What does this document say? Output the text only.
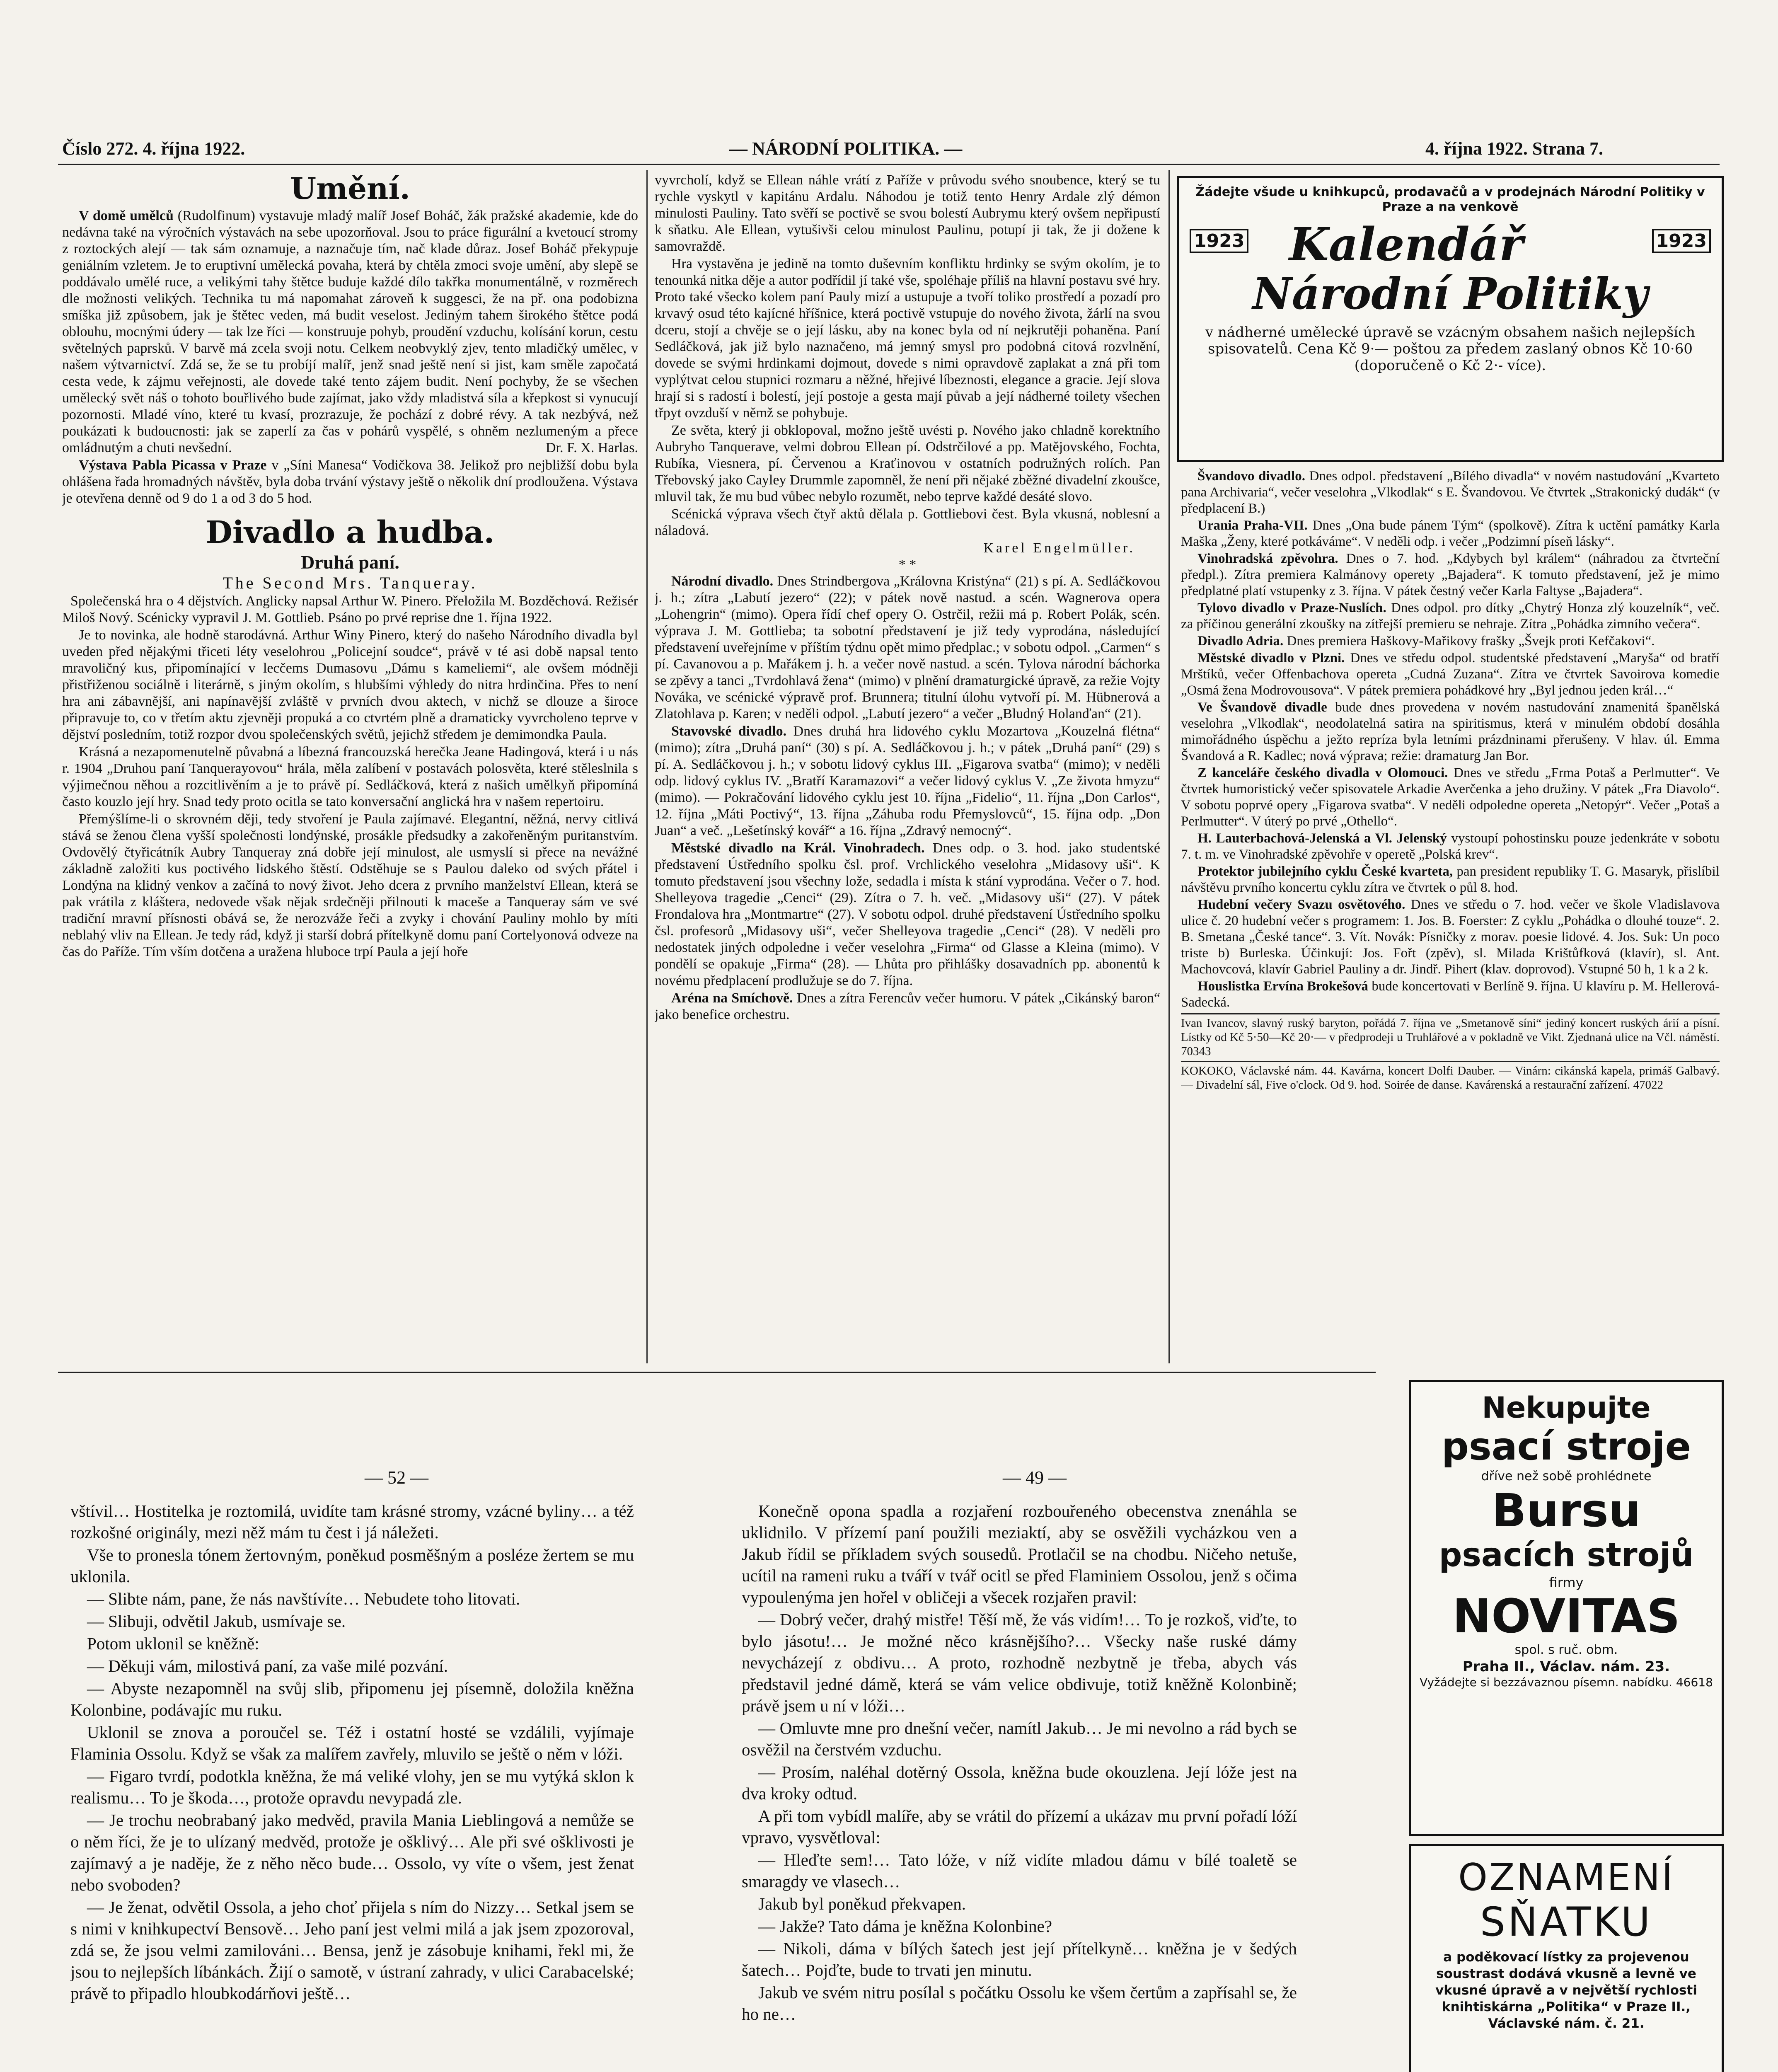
Číslo 272. 4. října 1922.	— NÁRODNÍ POLITIKA. —	4. října 1922. Strana 7.
Umění.

V domě umělců (Rudolfinum) vystavuje mladý malíř Josef Boháč, žák pražské akademie, kde do nedávna také na výročních výstavách na sebe upozorňoval. Jsou to práce figurální a kvetoucí stromy z roztockých alejí — tak sám oznamuje, a naznačuje tím, nač klade důraz. Josef Boháč překypuje geniálním vzletem. Je to eruptivní umělecká povaha, která by chtěla zmoci svoje umění, aby slepě se poddávalo umělé ruce, a velikými tahy štětce buduje každé dílo takřka monumentálně, v rozměrech dle možnosti velikých. Technika tu má napomahat zároveň k suggesci, že na př. ona podobizna smíška již způsobem, jak je štětec veden, má budit veselost. Jediným tahem širokého štětce podá oblouhu, mocnými údery — tak lze říci — konstruuje pohyb, proudění vzduchu, kolísání korun, cestu světelných paprsků. V barvě má zcela svoji notu. Celkem neobvyklý zjev, tento mladičký umělec, v našem výtvarnictví. Zdá se, že se tu probíjí malíř, jenž snad ještě není si jist, kam směle započatá cesta vede, k zájmu veřejnosti, ale dovede také tento zájem budit. Není pochyby, že se všechen umělecký svět náš o tohoto bouřlivého bude zajímat, jako vždy mladistvá síla a křepkost si vynucují pozornosti. Mladé víno, které tu kvasí, prozrazuje, že pochází z dobré révy. A tak nezbývá, než poukázati k budoucnosti: jak se zaperlí za čas v pohárů vyspělé, s ohněm nezlumeným a přece omládnutým a chuti nevšední.	Dr. F. X. Harlas.

Výstava Pabla Picassa v Praze v „Síni Manesa“ Vodičkova 38. Jelikož pro nejbližší dobu byla ohlášena řada hromadných návštěv, byla doba trvání výstavy ještě o několik dní prodloužena. Výstava je otevřena denně od 9 do 1 a od 3 do 5 hod.

Divadlo a hudba.
Druhá paní.
The Second Mrs. Tanqueray.

Společenská hra o 4 dějstvích. Anglicky napsal Arthur W. Pinero. Přeložila M. Bozděchová. Režisér Miloš Nový. Scénicky vypravil J. M. Gottlieb. Psáno po prvé reprise dne 1. října 1922.

Je to novinka, ale hodně starodávná. Arthur Winy Pinero, který do našeho Národního divadla byl uveden před nějakými třiceti léty veselohrou „Policejní soudce“, právě v té asi době napsal tento mravoličný kus, připomínající v lecčems Dumasovu „Dámu s kameliemi“, ale ovšem módněji přistřiženou sociálně i literárně, s jiným okolím, s hlubšími výhledy do nitra hrdinčina. Přes to není hra ani zábavnější, ani napínavější zvláště v prvních dvou aktech, v nichž se dlouze a široce připravuje to, co v třetím aktu zjevněji propuká a co ctvrtém plně a dramaticky vyvrcholeno teprve v dějství posledním, totiž rozpor dvou společenských světů, jejichž středem je demimondka Paula.

Krásná a nezapomenutelně půvabná a líbezná francouzská herečka Jeane Hadingová, která i u nás r. 1904 „Druhou paní Tanquerayovou“ hrála, měla zalíbení v postavách polosvěta, které stěleslnila s výjimečnou něhou a rozcitlivěním a je to právě pí. Sedláčková, která z našich umělkyň připomíná často kouzlo její hry. Snad tedy proto ocitla se tato konversační anglická hra v našem repertoiru.

Přemýšlíme-li o skrovném ději, tedy stvoření je Paula zajímavé. Elegantní, něžná, nervy citlivá stává se ženou člena vyšší společnosti londýnské, prosákle předsudky a zakořeněným puritanstvím. Ovdovělý čtyřicátník Aubry Tanqueray zná dobře její minulost, ale usmyslí si přece na nevážné základně založiti kus poctivého lidského štěstí. Odstěhuje se s Paulou daleko od svých přátel i Londýna na klidný venkov a začíná to nový život. Jeho dcera z prvního manželství Ellean, která se pak vrátila z kláštera, nedovede však nějak srdečněji přilnouti k maceše a Tanqueray sám ve své tradiční mravní přísnosti obává se, že nerozváže řeči a zvyky i chování Pauliny mohlo by míti neblahý vliv na Ellean. Je tedy rád, když ji starší dobrá přítelkyně domu paní Cortelyonová odveze na čas do Paříže. Tím vším dotčena a uražena hlubocе trpí Paula a její hoře

vyvrcholí, když se Ellean náhle vrátí z Paříže v průvodu svého snoubence, který se tu rychle vyskytl v kapitánu Ardalu. Náhodou je totiž tento Henry Ardale zlý démon minulosti Pauliny. Tato svěří se poctivě se svou bolestí Aubrymu který ovšem nepřipustí k sňatku. Ale Ellean, vytušivši celou minulost Paulinu, potupí ji tak, že ji dožene k samovraždě.

Hra vystavěna je jedině na tomto duševním konfliktu hrdinky se svým okolím, je to tenounká nitka děje a autor podřídil jí také vše, spoléhaje příliš na hlavní postavu své hry. Proto také všecko kolem paní Pauly mizí a ustupuje a tvoří toliko prostředí a pozadí pro krvavý osud této kajícné hříšnice, která poctivě vstupuje do nového života, žárlí na svou dceru, stojí a chvěje se o její lásku, aby na konec byla od ní nejkrutěji pohaněna. Paní Sedláčková, jak již bylo naznačeno, má jemný smysl pro podobná citová rozvlnění, dovede se svými hrdinkami dojmout, dovede s nimi opravdově zaplakat a zná při tom vyplýtvat celou stupnici rozmaru a něžné, hřejivé líbeznosti, elegance a gracie. Její slova hrají si s radostí i bolestí, její postoje a gesta mají půvab a její nádherné toilety všechen třpyt ovzduší v němž se pohybuje.

Ze světa, který ji obklopoval, možno ještě uvésti p. Nového jako chladně korektního Aubryho Tanquerave, velmi dobrou Ellean pí. Odstrčilové a pp. Matějovského, Fochta, Rubíka, Viesnera, pí. Červenou a Kraťinovou v ostatních podružných rolích. Pan Třebovský jako Cayley Drummle zapomněl, že není při nějaké zběžné divadelní zkoušce, mluvil tak, že mu bud vůbec nebylo rozumět, nebo teprve každé desáté slovo.

Scénická výprava všech čtyř aktů dělala p. Gottliebovi čest. Byla vkusná, noblesní a náladová.

Karel Engelmüller.
* *

Národní divadlo. Dnes Strindbergova „Královna Kristýna“ (21) s pí. A. Sedláčkovou j. h.; zítra „Labutí jezero“ (22); v pátek nově nastud. a scén. Wagnerova opera „Lohengrin“ (mimo). Opera řídí chef opery O. Ostrčil, režii má p. Robert Polák, scén. výprava J. M. Gottlieba; ta sobotní představení je již tedy vyprodána, následující představení uveřejníme v příštím týdnu opět mimo předplac.; v sobotu odpol. „Carmen“ s pí. Cavanovou a p. Mařákem j. h. a večer nově nastud. a scén. Tylova národní báchorka se zpěvy a tanci „Tvrdohlavá žena“ (mimo) v plnění dramaturgické úpravě, za režie Vojty Nováka, ve scénické výpravě prof. Brunnera; titulní úlohu vytvoří pí. M. Hübnerová a Zlatohlava p. Karen; v neděli odpol. „Labutí jezero“ a večer „Bludný Holanďan“ (21).

Stavovské divadlo. Dnes druhá hra lidového cyklu Mozartova „Kouzelná flétna“ (mimo); zítra „Druhá paní“ (30) s pí. A. Sedláčkovou j. h.; v pátek „Druhá paní“ (29) s pí. A. Sedláčkovou j. h.; v sobotu lidový cyklus III. „Figarova svatba“ (mimo); v neděli odp. lidový cyklus IV. „Bratří Karamazovi“ a večer lidový cyklus V. „Ze života hmyzu“ (mimo). — Pokračování lidového cyklu jest 10. října „Fidelio“, 11. října „Don Carlos“, 12. října „Máti Poctivý“, 13. října „Záhuba rodu Přemyslovců“, 15. října odp. „Don Juan“ a več. „Lešetínský kovář“ a 16. října „Zdravý nemocný“.

Městské divadlo na Král. Vinohradech. Dnes odp. o 3. hod. jako studentské představení Ústředního spolku čsl. prof. Vrchlického veselohra „Midasovy uši“. K tomuto představení jsou všechny lože, sedadla i místa k stání vyprodána. Večer o 7. hod. Shelleyova tragedie „Cenci“ (29). Zítra o 7. h. več. „Midasovy uši“ (27). V pátek Frondalova hra „Montmartre“ (27). V sobotu odpol. druhé představení Ústředního spolku čsl. profesorů „Midasovy uši“, večer Shelleyova tragedie „Cenci“ (28). V neděli pro nedostatek jiných odpoledne i večer veselohra „Firma“ od Glasse a Kleina (mimo). V pondělí se opakuje „Firma“ (28). — Lhůta pro přihlášky dosavadních pp. abonentů k novému předplacení prodlužuje se do 7. října.

Aréna na Smíchově. Dnes a zítra Ferencův večer humoru. V pátek „Cikánský baron“ jako benefice orchestru.

Žádejte všude u knihkupců, prodavačů a v prodejnách Národní Politiky v Praze a na venkově
1923 Kalendář	1923
Národní Politiky
v nádherné umělecké úpravě se vzácným obsahem našich nejlepších spisovatelů. Cena Kč 9·— poštou za předem zaslaný obnos Kč 10·60 (doporučeně o Kč 2·- více).

Švandovo divadlo. Dnes odpol. představení „Bílého divadla“ v novém nastudování „Kvarteto pana Archivaria“, večer veselohra „Vlkodlak“ s E. Švandovou. Ve čtvrtek „Strakonický dudák“ (v předplacení B.)

Urania Praha-VII. Dnes „Ona bude pánem Tým“ (spolkově). Zítra k uctění památky Karla Maška „Ženy, které potkáváme“. V neděli odp. i večer „Podzimní píseň lásky“.

Vinohradská zpěvohra. Dnes o 7. hod. „Kdybych byl králem“ (náhradou za čtvrteční předpl.). Zítra premiera Kalmánovy operety „Bajadera“. K tomuto představení, jež je mimo předplatné platí vstupenky z 3. října. V pátek čestný večer Karla Faltyse „Bajadera“.

Tylovo divadlo v Praze-Nuslích. Dnes odpol. pro dítky „Chytrý Honza zlý kouzelník“, več. za příčinou generální zkoušky na zítřejší premieru se nehraje. Zítra „Pohádka zimního večera“.

Divadlo Adria. Dnes premiera Haškovy-Mařikovy frašky „Švejk proti Kefčakovi“.

Městské divadlo v Plzni. Dnes ve středu odpol. studentské představení „Maryša“ od bratří Mrštíků, večer Offenbachova opereta „Cudná Zuzana“. Zítra ve čtvrtek Savoirova komedie „Osmá žena Modrovousova“. V pátek premiera pohádkové hry „Byl jednou jeden král…“

Ve Švandově divadle bude dnes provedena v novém nastudování znamenitá španělská veselohra „Vlkodlak“, neodolatelná satira na spiritismus, která v minulém období dosáhla mimořádného úspěchu a ježto repríza byla letními prázdninami přerušeny. V hlav. úl. Emma Švandová a R. Kadlec; nová výprava; režie: dramaturg Jan Bor.

Z kanceláře českého divadla v Olomouci. Dnes ve středu „Frma Potaš a Perlmutter“. Ve čtvrtek humoristický večer spisovatele Arkadie Averčenka a jeho družiny. V pátek „Fra Diavolo“. V sobotu poprvé opery „Figarova svatba“. V neděli odpoledne opereta „Netopýr“. Večer „Potaš a Perlmutter“. V úterý po prvé „Othello“.

H. Lauterbachová-Jelenská a Vl. Jelenský vystoupí pohostinsku pouze jedenkráte v sobotu 7. t. m. ve Vinohradské zpěvohře v operetě „Polská krev“.

Protektor jubilejního cyklu České kvarteta, pan president republiky T. G. Masaryk, přislíbil návštěvu prvního koncertu cyklu zítra ve čtvrtek o půl 8. hod.

Hudební večery Svazu osvětového. Dnes ve středu o 7. hod. večer ve škole Vladislavova ulice č. 20 hudební večer s programem: 1. Jos. B. Foerster: Z cyklu „Pohádka o dlouhé touze“. 2. B. Smetana „České tance“. 3. Vít. Novák: Písničky z morav. poesie lidové. 4. Jos. Suk: Un poco triste b) Burleska. Účinkují: Jos. Fořt (zpěv), sl. Milada Krištůfková (klavír), sl. Ant. Machovcová, klavír Gabriel Pauliny a dr. Jindř. Pihert (klav. doprovod). Vstupné 50 h, 1 k a 2 k.

Houslistka Ervína Brokešová bude koncertovati v Berlíně 9. října. U klavíru p. M. Hellerová-Sadecká.

Ivan Ivancov, slavný ruský baryton, pořádá 7. října ve „Smetanově síni“ jediný koncert ruských árií a písní. Lístky od Kč 5·50—Kč 20·— v předprodeji u Truhlářové a v pokladně ve Vikt. Zjednaná ulice na Včl. náměstí. 70343
KOKOKO, Václavské nám. 44. Kavárna, koncert Dolfi Dauber. — Vinárn: cikánská kapela, primáš Galbavý. — Divadelní sál, Five o'clock. Od 9. hod. Soirée de danse. Kavárenská a restaurační zařízení. 47022
Nekupujte
psací stroje
dříve než sobě prohlédnete
Bursu
psacích strojů
firmy
NOVITAS
spol. s ruč. obm.
Praha II., Václav. nám. 23.
Vyžádejte si bezzávaznou písemn. nabídku. 46618
OZNAMENÍ
SŇATKU
a poděkovací lístky za projevenou soustrast dodává vkusně a levně ve vkusné úpravě a v největší rychlosti knihtiskárna „Politika“ v Praze II., Václavské nám. č. 21.
— 52 —	— 49 —

vštívil… Hostitelka je roztomilá, uvidíte tam krásné stromy, vzácné byliny… a též rozkošné originály, mezi něž mám tu čest i já náležeti.

Vše to pronesla tónem žertovným, poněkud posměšným a posléze žertem se mu uklonila.

— Slibte nám, pane, že nás navštívíte… Nebudete toho litovati.

— Slibuji, odvětil Jakub, usmívaje se.

Potom uklonil se kněžně:

— Děkuji vám, milostivá paní, za vaše milé pozvání.

— Abyste nezapomněl na svůj slib, připomenu jej písemně, doložila kněžna Kolonbine, podávajíc mu ruku.

Uklonil se znova a poroučel se. Též i ostatní hosté se vzdálili, vyjímaje Flaminia Ossolu. Když se však za malířem zavřely, mluvilo se ještě o něm v lóži.

— Figaro tvrdí, podotkla kněžna, že má veliké vlohy, jen se mu vytýká sklon k realismu… To je škoda…, protože opravdu nevypadá zle.

— Je trochu neobrabaný jako medvěd, pravila Mania Lieblingová a nemůže se o něm říci, že je to ulízaný medvěd, protože je ošklivý… Ale při své ošklivosti je zajímavý a je naděje, že z něho něco bude… Ossolo, vy víte o všem, jest ženat nebo svoboden?

— Je ženat, odvětil Ossola, a jeho choť přijela s ním do Nizzy… Setkal jsem se s nimi v knihkupectví Bensově… Jeho paní jest velmi milá a jak jsem zpozoroval, zdá se, že jsou velmi zamilováni… Bensa, jenž je zásobuje knihami, řekl mi, že jsou to nejlepších líbánkách. Žijí o samotě, v ústraní zahrady, v ulici Carabacelské; právě to připadlo hloubkodárňovi ještě…

Konečně opona spadla a rozjaření rozbouřeného obecenstva znenáhla se uklidnilo. V přízemí paní použili meziaktí, aby se osvěžili vycházkou ven a Jakub řídil se příkladem svých sousedů. Protlačil se na chodbu. Ničeho netuše, ucítil na rameni ruku a tváří v tvář ocitl se před Flaminiem Ossolou, jenž s očima vypoulenýma jen hořel v obličeji a všecek rozjařen pravil:

— Dobrý večer, drahý mistře! Těší mě, že vás vidím!… To je rozkoš, viďte, to bylo jásotu!… Je možné něco krásnějšího?… Všecky naše ruské dámy nevycházejí z obdivu… A proto, rozhodně nezbytně je třeba, abych vás představil jedné dámě, která se vám velice obdivuje, totiž kněžně Kolonbině; právě jsem u ní v lóži…

— Omluvte mne pro dnešní večer, namítl Jakub… Je mi nevolno a rád bych se osvěžil na čerstvém vzduchu.

— Prosím, naléhal dotěrný Ossola, kněžna bude okouzlena. Její lóže jest na dva kroky odtud.

A při tom vybídl malíře, aby se vrátil do přízemí a ukázav mu první pořadí lóží vpravo, vysvětloval:

— Hleďte sem!… Tato lóže, v níž vidíte mladou dámu v bílé toaletě se smaragdy ve vlasech…

Jakub byl poněkud překvapen.

— Jakže? Tato dáma je kněžna Kolonbine?

— Nikoli, dáma v bílých šatech jest její přítelkyně… kněžna je v šedých šatech… Pojďte, bude to trvati jen minutu.

Jakub ve svém nitru posílal s počátku Ossolu ke všem čertům a zapřísahl se, že ho ne…
